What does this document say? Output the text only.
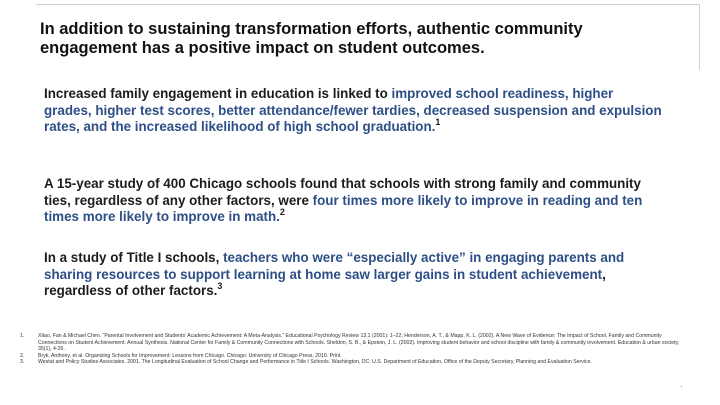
In addition to sustaining transformation efforts, authentic community engagement has a positive impact on student outcomes.
Increased family engagement in education is linked to improved school readiness, higher grades, higher test scores, better attendance/fewer tardies, decreased suspension and expulsion rates, and the increased likelihood of high school graduation.$^1$
A 15-year study of 400 Chicago schools found that schools with strong family and community ties, regardless of any other factors, were four times more likely to improve in reading and ten times more likely to improve in math.$^2$
In a study of Title I schools, teachers who were “especially active” in engaging parents and sharing resources to support learning at home saw larger gains in student achievement, regardless of other factors.$^3$
1.	Xitao, Fan & Michael Chen. “Parental Involvement and Students’ Academic Achievement: A Meta-Analysis.” Educational Psychology Review 13.1 (2001): 1–22; Henderson, A. T., & Mapp, K. L. (2002). A New Wave of Evidence: The Impact of School, Family and Community Connections on Student Achievement. Annual Synthesis. National Center for Family & Community Connections with Schools. Sheldon, S. B., & Epstein, J. L. (2002). Improving student behavior and school discipline with family & community involvement. Education & urban society, 35(1), 4-26.
2.	Bryk, Anthony, et al. Organizing Schools for Improvement: Lessons from Chicago. Chicago: University of Chicago Press, 2010. Print.
3.	Westat and Policy Studies Associates. 2001. The Longitudinal Evaluation of School Change and Performance in Title I Schools. Washington, DC: U.S. Department of Education, Office of the Deputy Secretary, Planning and Evaluation Service.
·
